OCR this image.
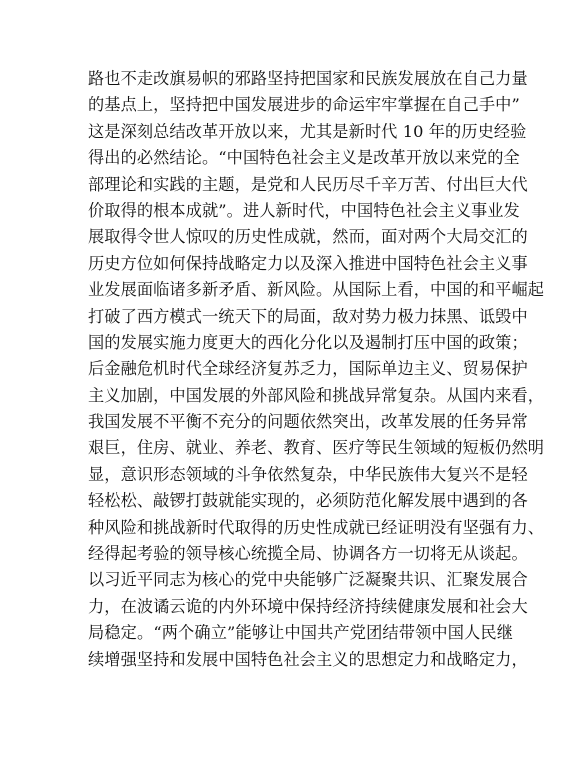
路也不走改旗易帜的邪路坚持把国家和民族发展放在自己力量
的基点上，坚持把中国发展进步的命运牢牢掌握在自己手中”
这是深刻总结改革开放以来，尤其是新时代 10 年的历史经验
得出的必然结论。“中国特色社会主义是改革开放以来党的全
部理论和实践的主题，是党和人民历尽千辛万苦、付出巨大代
价取得的根本成就”。进人新时代，中国特色社会主义事业发
展取得令世人惊叹的历史性成就，然而，面对两个大局交汇的
历史方位如何保持战略定力以及深入推进中国特色社会主义事
业发展面临诸多新矛盾、新风险。从国际上看，中国的和平崛起
打破了西方模式一统天下的局面，敌对势力极力抹黑、诋毁中
国的发展实施力度更大的西化分化以及遏制打压中国的政策；
后金融危机时代全球经济复苏乏力，国际单边主义、贸易保护
主义加剧，中国发展的外部风险和挑战异常复杂。从国内来看，
我国发展不平衡不充分的问题依然突出，改革发展的任务异常
艰巨，住房、就业、养老、教育、医疗等民生领域的短板仍然明
显，意识形态领域的斗争依然复杂，中华民族伟大复兴不是轻
轻松松、敲锣打鼓就能实现的，必须防范化解发展中遇到的各
种风险和挑战新时代取得的历史性成就已经证明没有坚强有力、
经得起考验的领导核心统揽全局、协调各方一切将无从谈起。
以习近平同志为核心的党中央能够广泛凝聚共识、汇聚发展合
力，在波谲云诡的内外环境中保持经济持续健康发展和社会大
局稳定。“两个确立”能够让中国共产党团结带领中国人民继
续增强坚持和发展中国特色社会主义的思想定力和战略定力，
